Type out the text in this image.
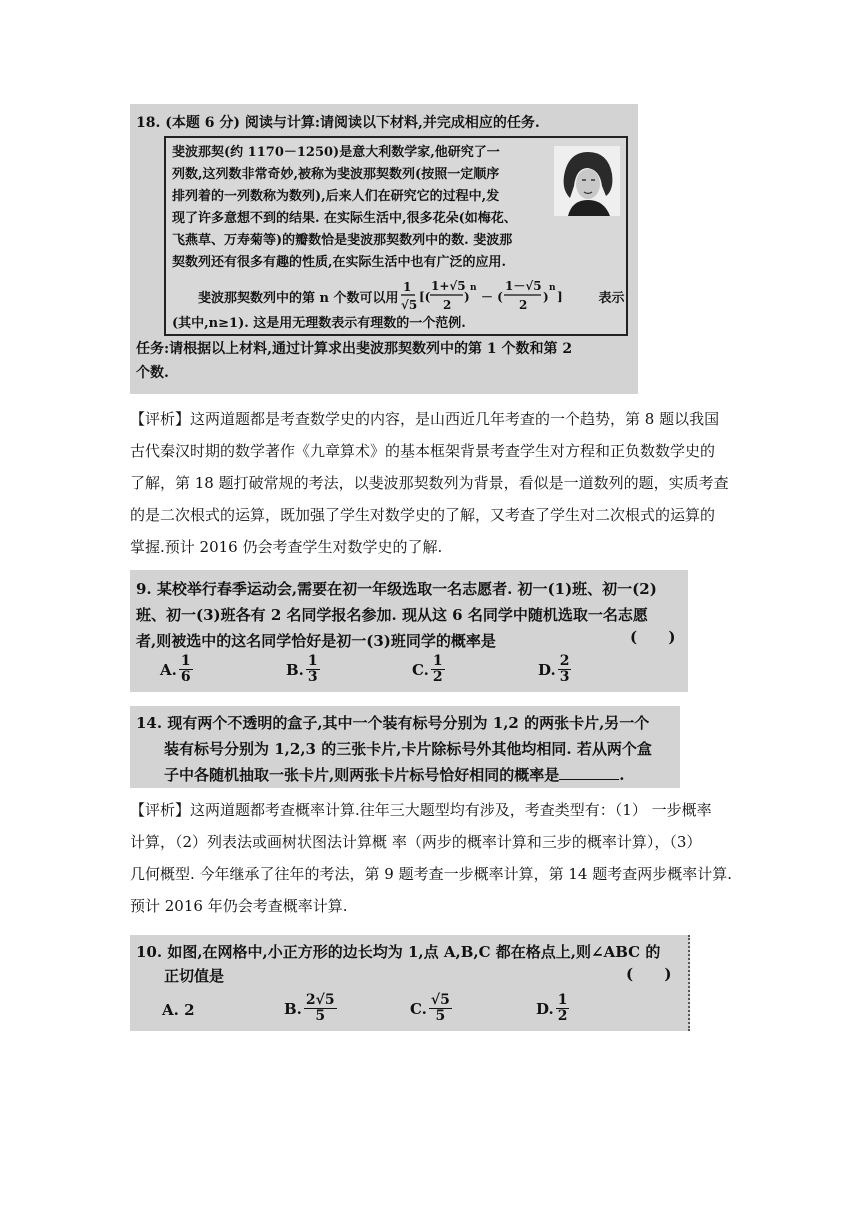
18. (本题 6 分) 阅读与计算:请阅读以下材料,并完成相应的任务.
斐波那契(约 1170－1250)是意大利数学家,他研究了一
列数,这列数非常奇妙,被称为斐波那契数列(按照一定顺序
排列着的一列数称为数列),后来人们在研究它的过程中,发
现了许多意想不到的结果. 在实际生活中,很多花朵(如梅花、
飞燕草、万寿菊等)的瓣数恰是斐波那契数列中的数. 斐波那
契数列还有很多有趣的性质,在实际生活中也有广泛的应用.
斐波那契数列中的第 n 个数可以用
1
√5
[(
1+√5
2
)
n
－ (
1－√5
2
)
n
]	表示
(其中,n≥1). 这是用无理数表示有理数的一个范例.
任务:请根据以上材料,通过计算求出斐波那契数列中的第 1 个数和第 2
个数.
【评析】这两道题都是考查数学史的内容，是山西近几年考查的一个趋势，第 8 题以我国
古代秦汉时期的数学著作《九章算术》的基本框架背景考查学生对方程和正负数数学史的
了解，第 18 题打破常规的考法，以斐波那契数列为背景，看似是一道数列的题，实质考查
的是二次根式的运算，既加强了学生对数学史的了解，又考查了学生对二次根式的运算的
掌握.预计 2016 仍会考查学生对数学史的了解.
9. 某校举行春季运动会,需要在初一年级选取一名志愿者. 初一(1)班、初一(2)
班、初一(3)班各有 2 名同学报名参加. 现从这 6 名同学中随机选取一名志愿
者,则被选中的这名同学恰好是初一(3)班同学的概率是	(      )
A. $\frac{1}{6}$	B. $\frac{1}{3}$	C. $\frac{1}{2}$	D. $\frac{2}{3}$
14. 现有两个不透明的盒子,其中一个装有标号分别为 1,2 的两张卡片,另一个
装有标号分别为 1,2,3 的三张卡片,卡片除标号外其他均相同. 若从两个盒
子中各随机抽取一张卡片,则两张卡片标号恰好相同的概率是	.
【评析】这两道题都考查概率计算.往年三大题型均有涉及，考查类型有：（1） 一步概率
计算，（2）列表法或画树状图法计算概 率（两步的概率计算和三步的概率计算），（3）
几何概型. 今年继承了往年的考法，第 9 题考查一步概率计算，第 14 题考查两步概率计算.
预计 2016 年仍会考查概率计算.
10. 如图,在网格中,小正方形的边长均为 1,点 A,B,C 都在格点上,则∠ABC 的
正切值是	(      )
A. 2	B. $\frac{2√5}{5}$	C. $\frac{√5}{5}$	D. $\frac{1}{2}$
